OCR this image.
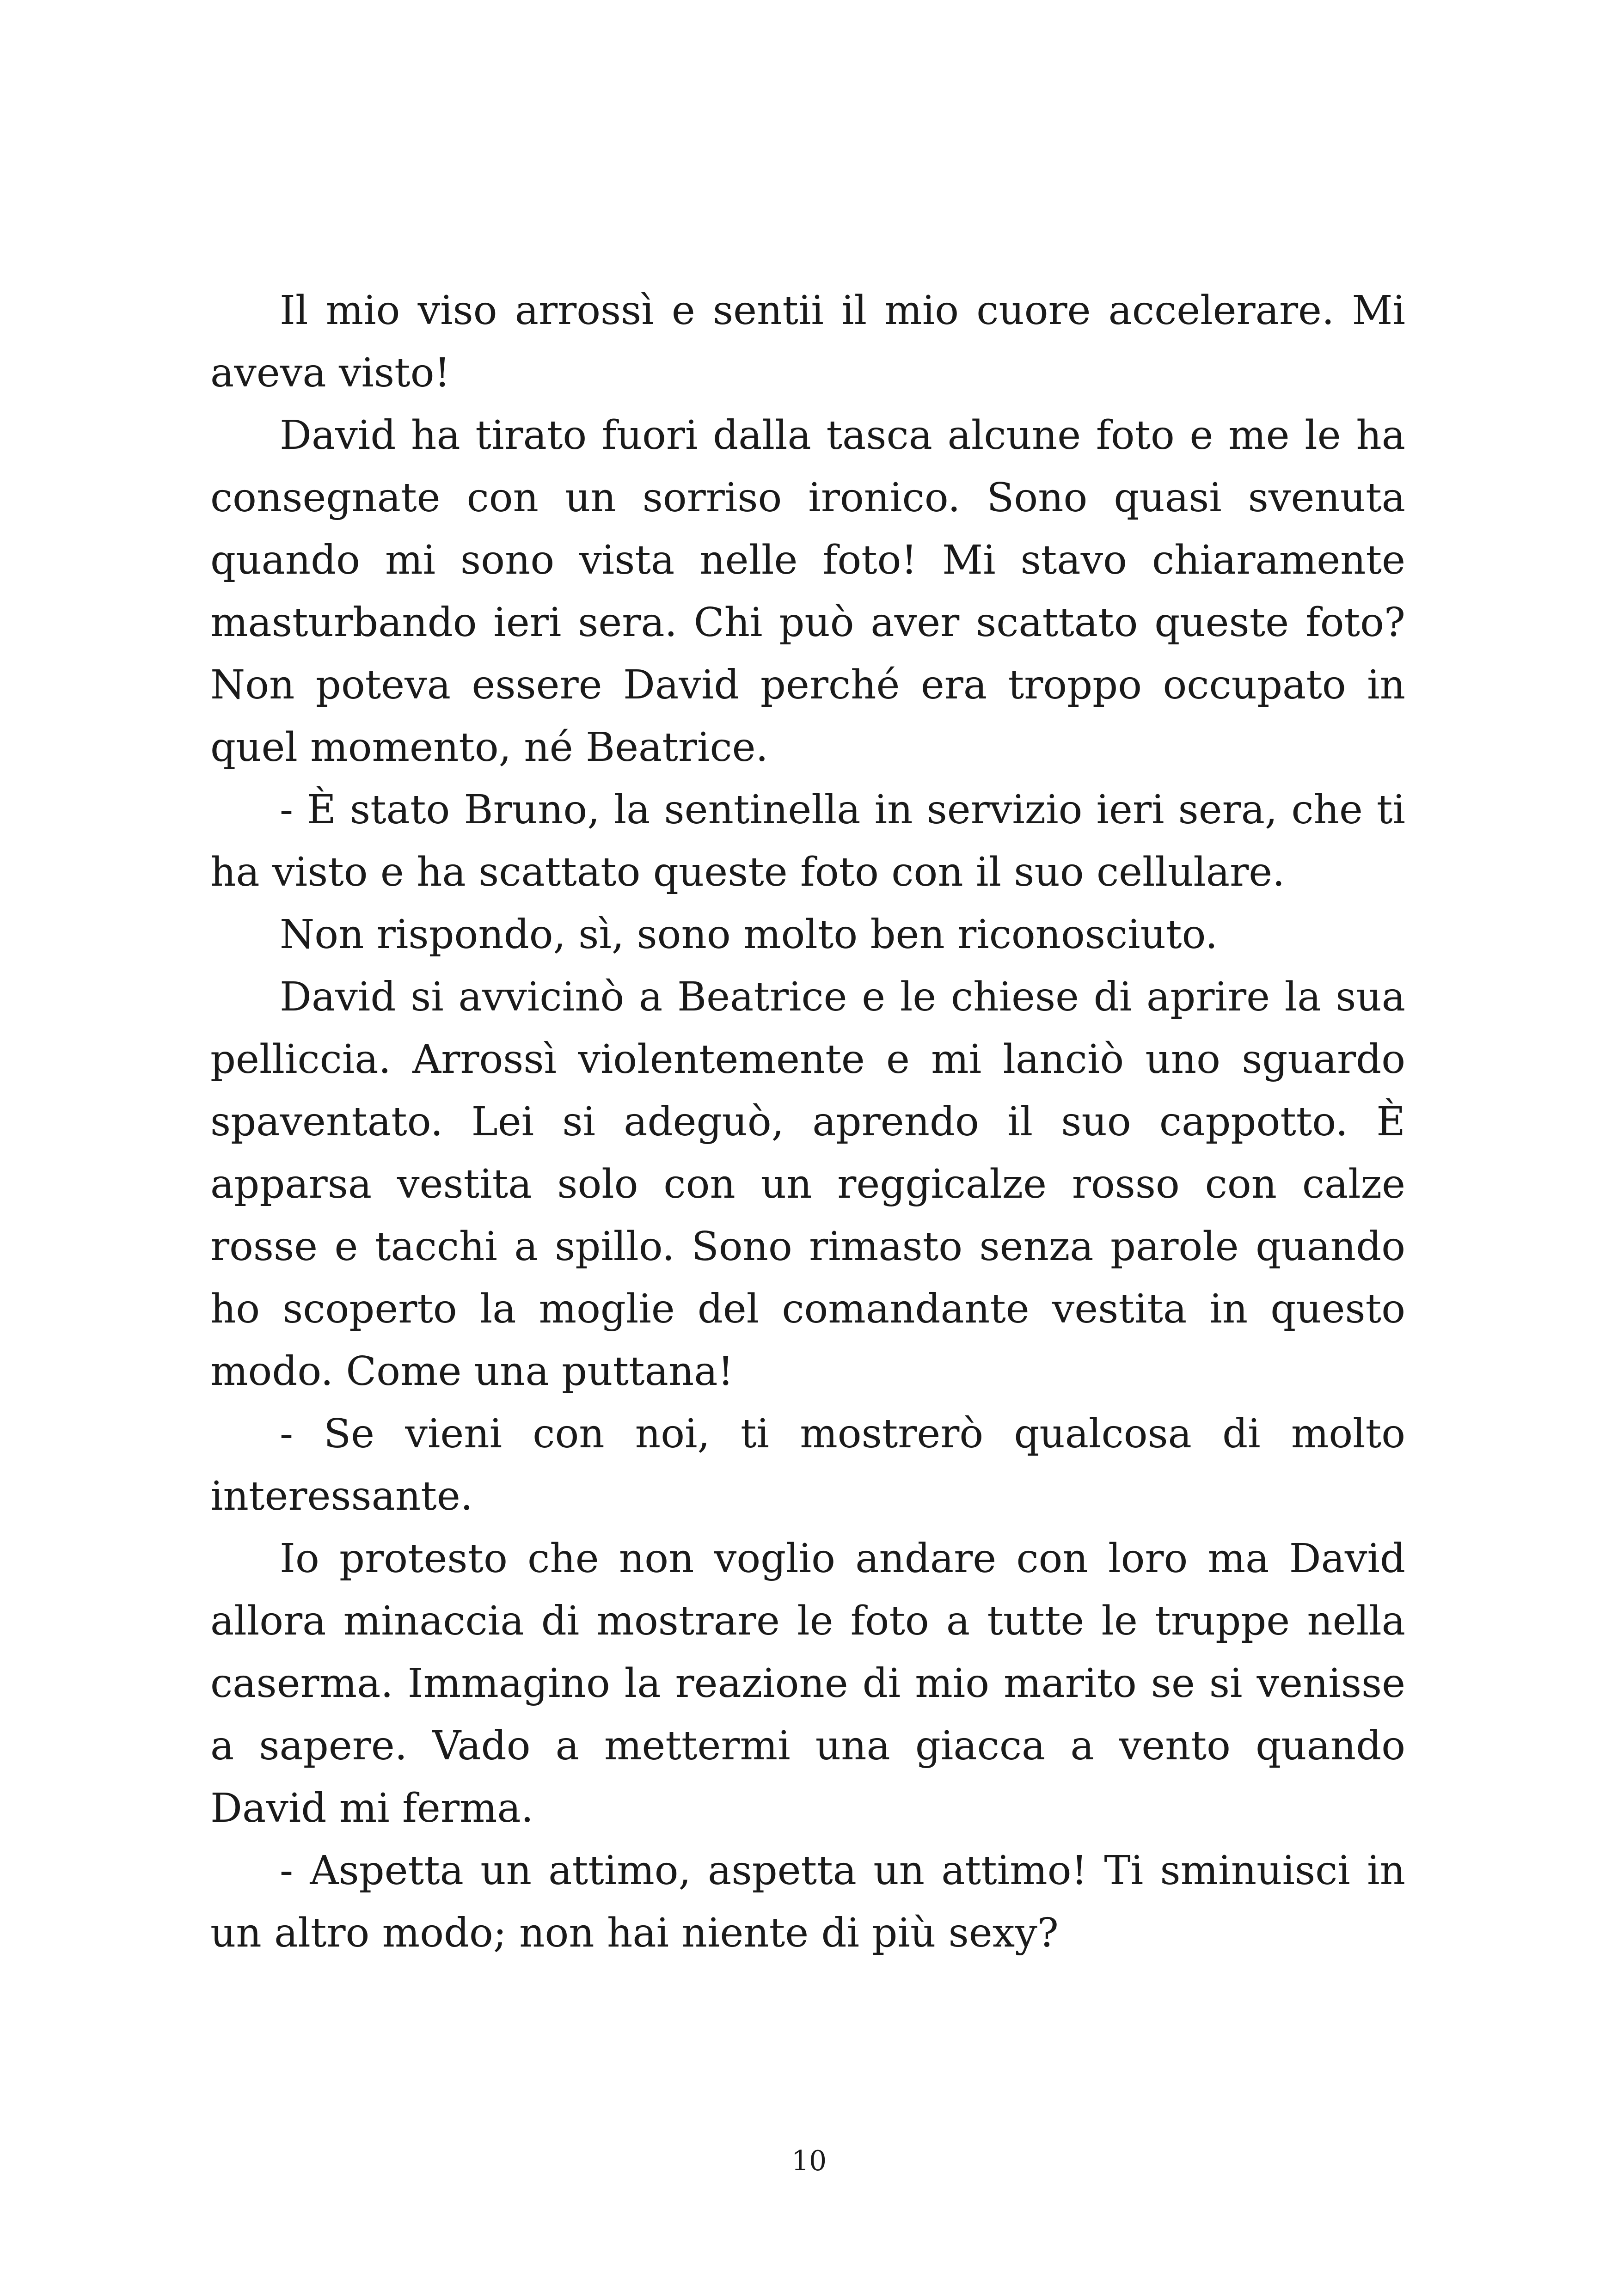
Il mio viso arrossì e sentii il mio cuore accelerare. Mi aveva visto!

David ha tirato fuori dalla tasca alcune foto e me le ha consegnate con un sorriso ironico. Sono quasi svenuta quando mi sono vista nelle foto! Mi stavo chiaramente masturbando ieri sera. Chi può aver scattato queste foto? Non poteva essere David perché era troppo occupato in quel momento, né Beatrice.

- È stato Bruno, la sentinella in servizio ieri sera, che ti ha visto e ha scattato queste foto con il suo cellulare.

Non rispondo, sì, sono molto ben riconosciuto.

David si avvicinò a Beatrice e le chiese di aprire la sua pelliccia. Arrossì violentemente e mi lanciò uno sguardo spaventato. Lei si adeguò, aprendo il suo cappotto. È apparsa vestita solo con un reggicalze rosso con calze rosse e tacchi a spillo. Sono rimasto senza parole quando ho scoperto la moglie del comandante vestita in questo modo. Come una puttana!

- Se vieni con noi, ti mostrerò qualcosa di molto interessante.

Io protesto che non voglio andare con loro ma David allora minaccia di mostrare le foto a tutte le truppe nella caserma. Immagino la reazione di mio marito se si venisse a sapere. Vado a mettermi una giacca a vento quando David mi ferma.

- Aspetta un attimo, aspetta un attimo! Ti sminuisci in un altro modo; non hai niente di più sexy?

10
